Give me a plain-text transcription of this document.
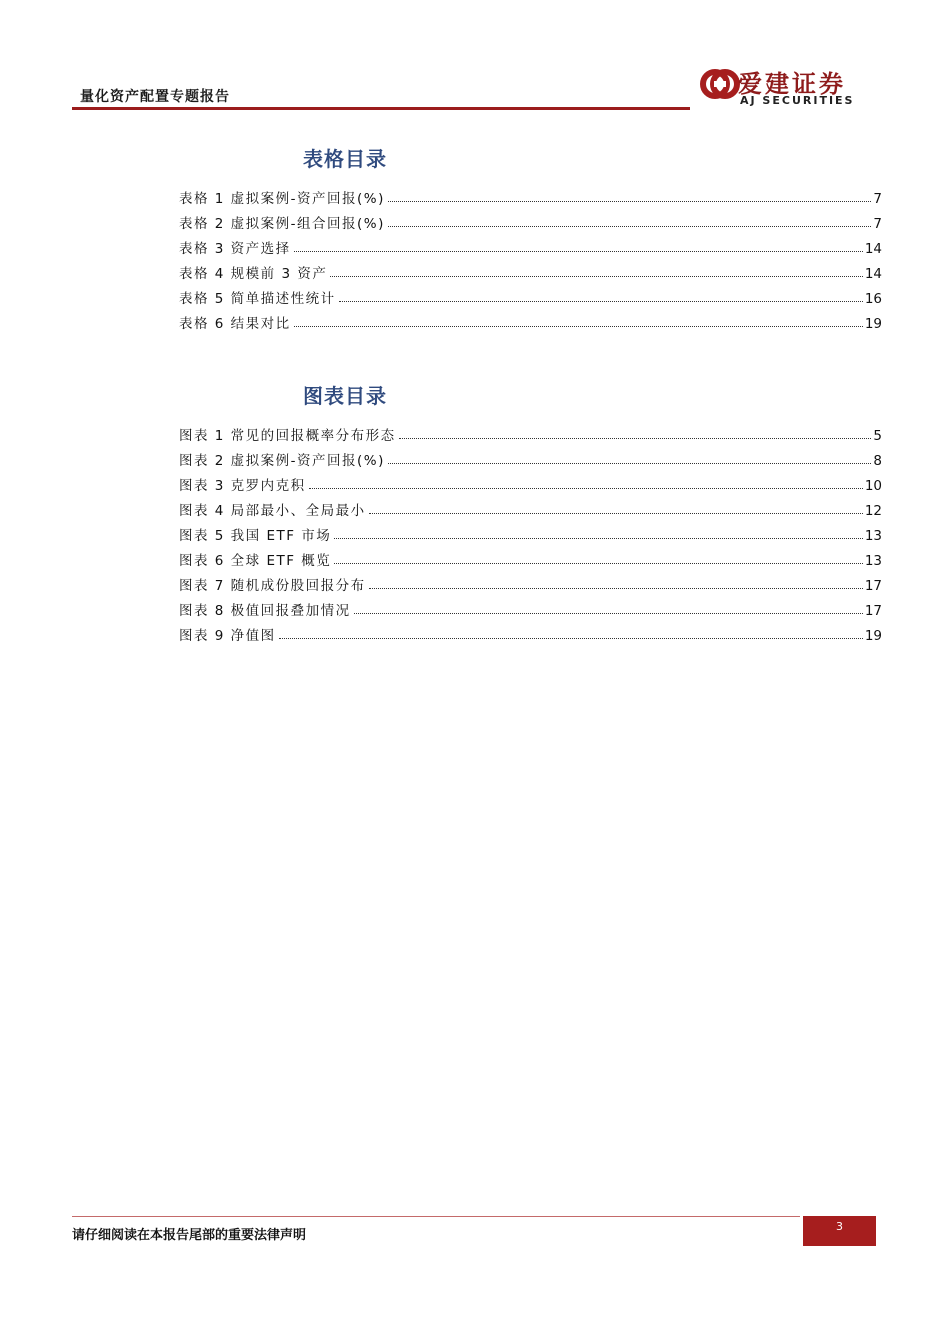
量化资产配置专题报告	爱建证券
AJ SECURITIES
表格目录
表格 1 虚拟案例-资产回报(%)	7
表格 2 虚拟案例-组合回报(%)	7
表格 3 资产选择	14
表格 4 规模前 3 资产	14
表格 5 简单描述性统计	16
表格 6 结果对比	19
图表目录
图表 1 常见的回报概率分布形态	5
图表 2 虚拟案例-资产回报(%)	8
图表 3 克罗内克积	10
图表 4 局部最小、全局最小	12
图表 5 我国 ETF 市场	13
图表 6 全球 ETF 概览	13
图表 7 随机成份股回报分布	17
图表 8 极值回报叠加情况	17
图表 9 净值图	19
请仔细阅读在本报告尾部的重要法律声明
3
